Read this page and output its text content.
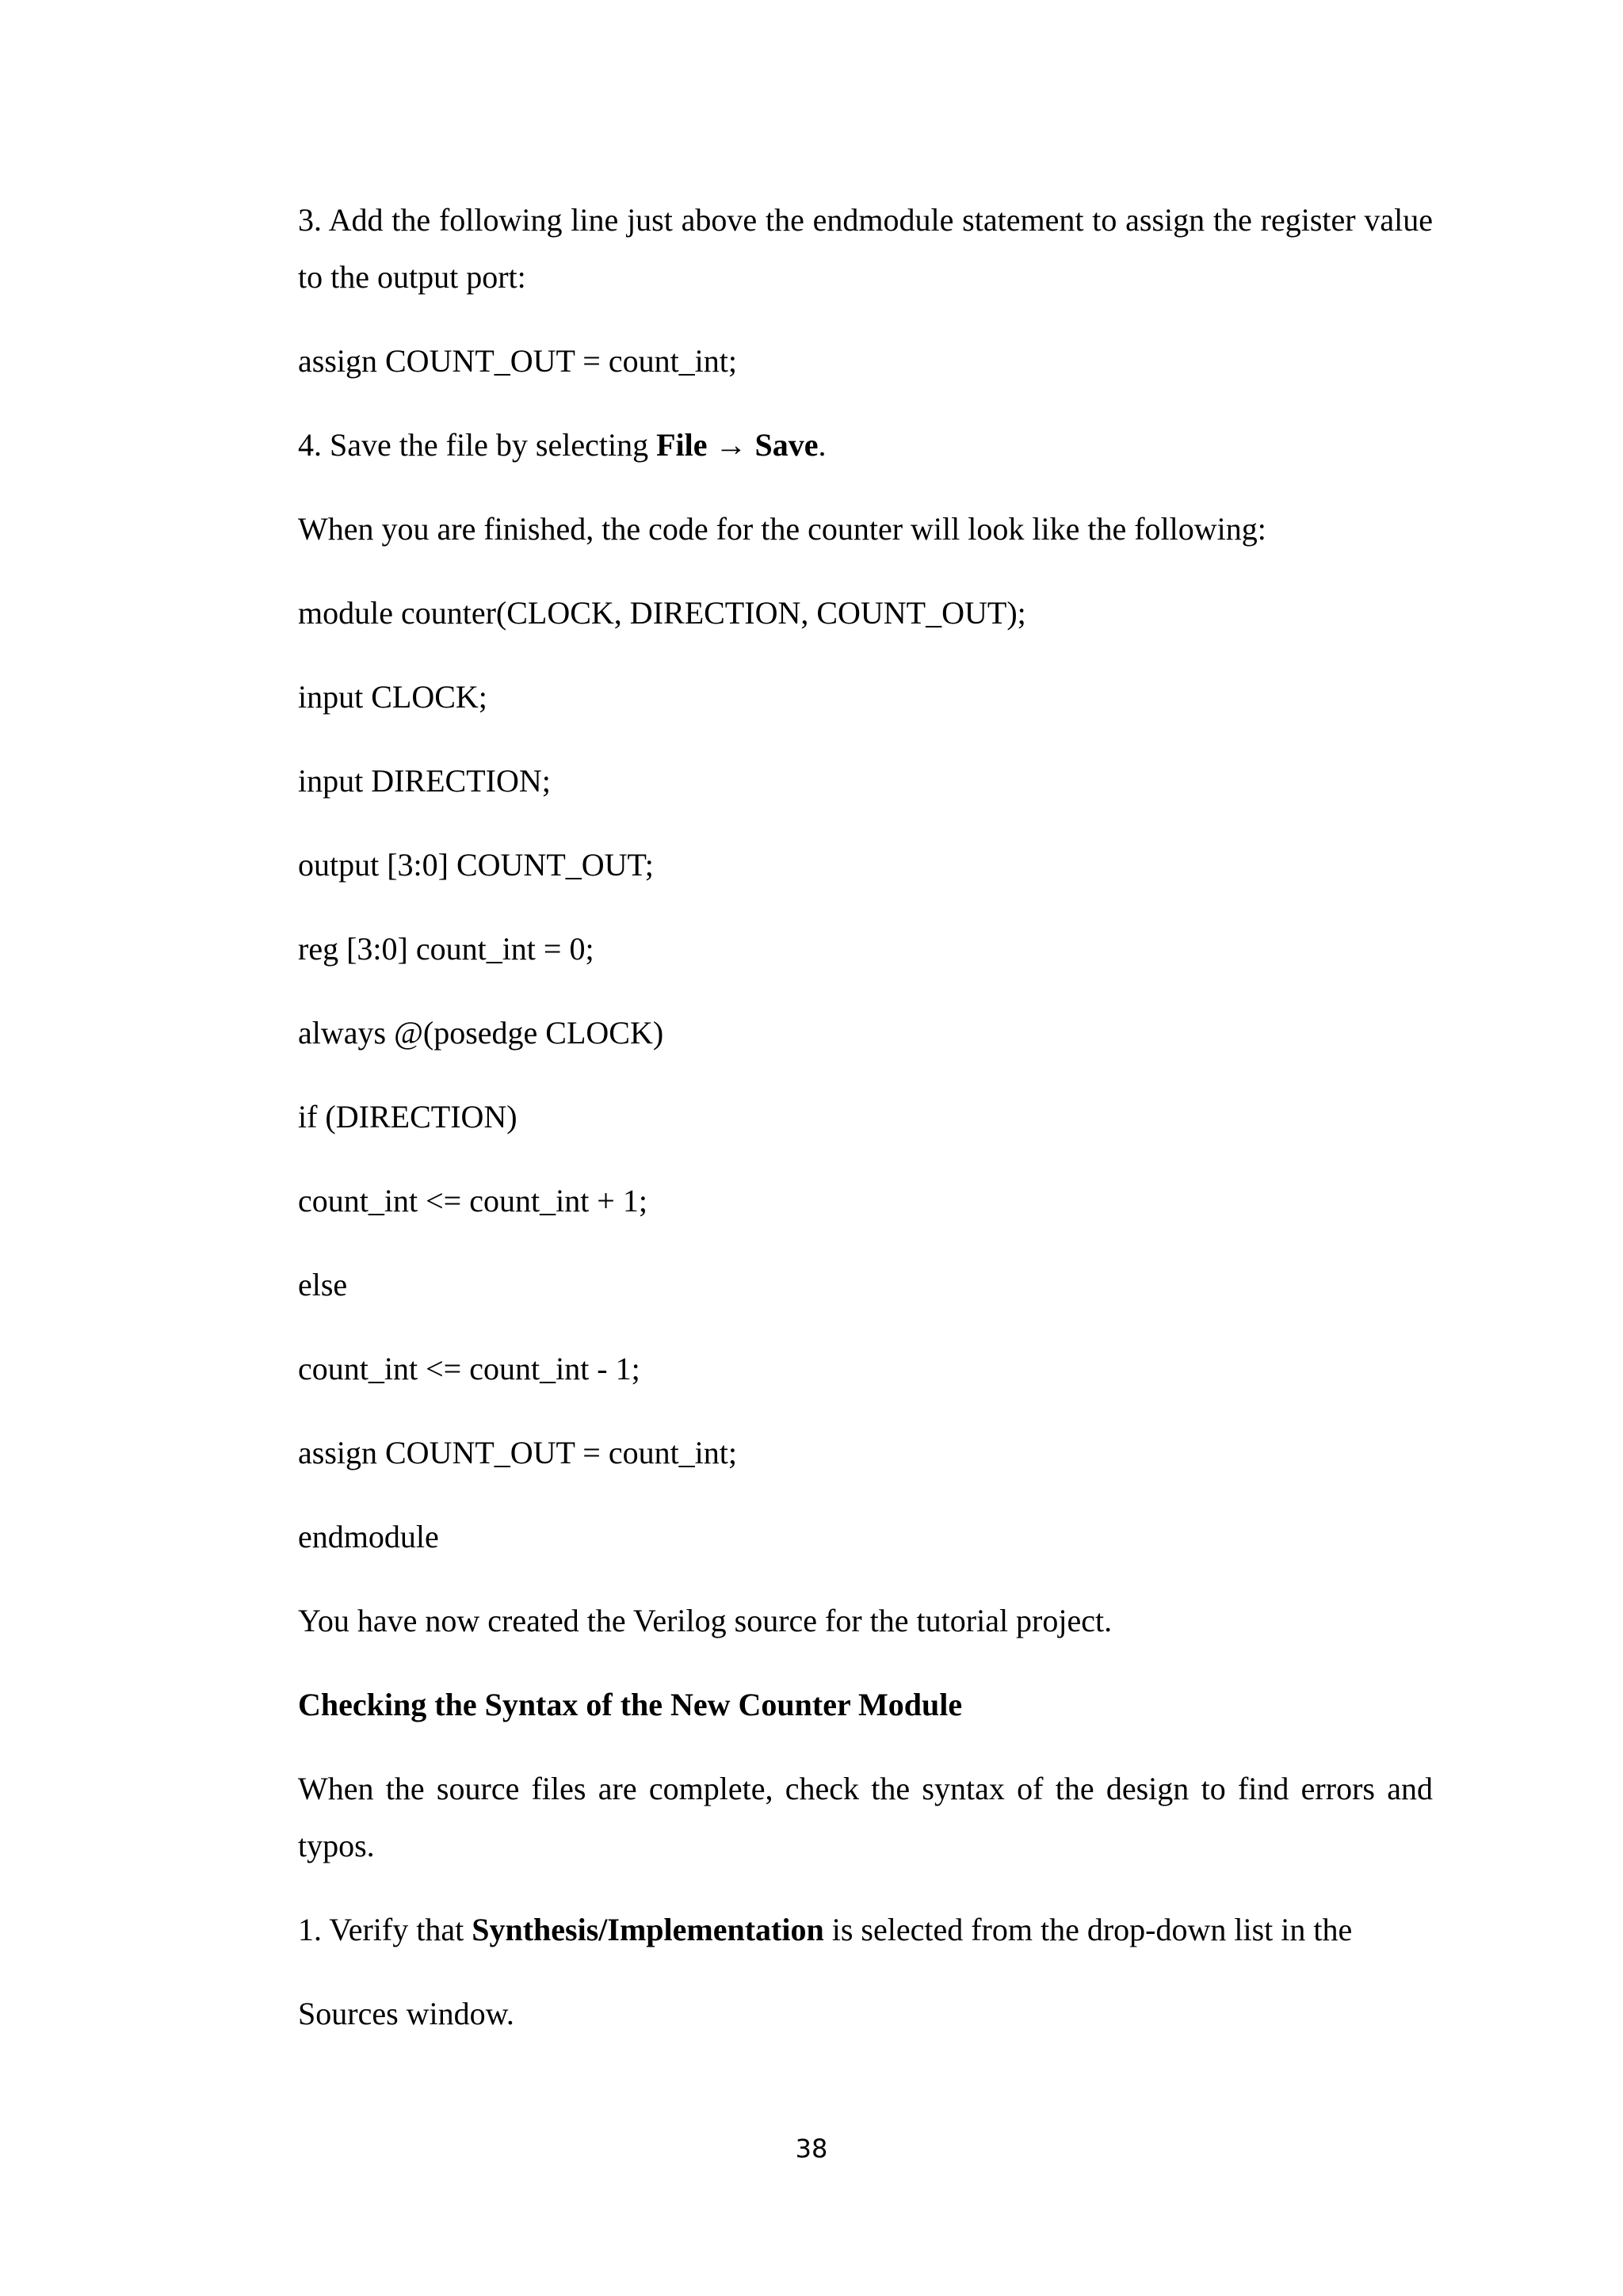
3. Add the following line just above the endmodule statement to assign the register value to the output port:

assign COUNT_OUT = count_int;

4. Save the file by selecting File → Save.

When you are finished, the code for the counter will look like the following:

module counter(CLOCK, DIRECTION, COUNT_OUT);

input CLOCK;

input DIRECTION;

output [3:0] COUNT_OUT;

reg [3:0] count_int = 0;

always @(posedge CLOCK)

if (DIRECTION)

count_int <= count_int + 1;

else

count_int <= count_int - 1;

assign COUNT_OUT = count_int;

endmodule

You have now created the Verilog source for the tutorial project.

Checking the Syntax of the New Counter Module

When the source files are complete, check the syntax of the design to find errors and typos.

1. Verify that Synthesis/Implementation is selected from the drop-down list in the

Sources window.

38
